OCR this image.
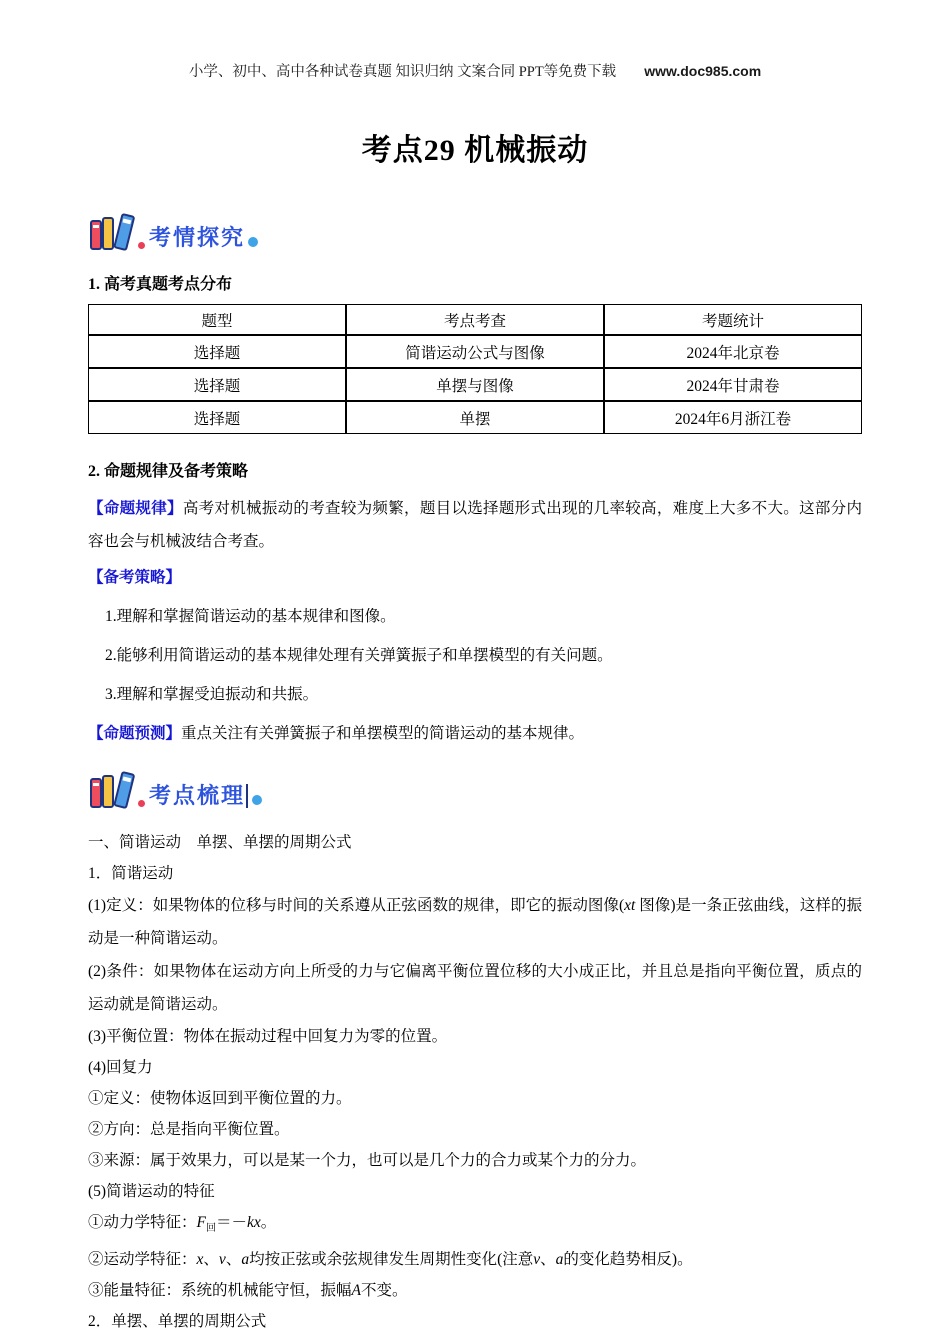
小学、初中、高中各种试卷真题 知识归纳 文案合同 PPT等免费下载 www.doc985.com
考点29 机械振动
考情探究
1. 高考真题考点分布
题型	考点考查	考题统计
选择题	简谐运动公式与图像	2024年北京卷
选择题	单摆与图像	2024年甘肃卷
选择题	单摆	2024年6月浙江卷
2. 命题规律及备考策略

【命题规律】高考对机械振动的考查较为频繁，题目以选择题形式出现的几率较高，难度上大多不大。这部分内容也会与机械波结合考查。

【备考策略】

1.理解和掌握简谐运动的基本规律和图像。

2.能够利用简谐运动的基本规律处理有关弹簧振子和单摆模型的有关问题。

3.理解和掌握受迫振动和共振。

【命题预测】重点关注有关弹簧振子和单摆模型的简谐运动的基本规律。

考点梳理

一、简谐运动　单摆、单摆的周期公式

1．简谐运动

(1)定义：如果物体的位移与时间的关系遵从正弦函数的规律，即它的振动图像(xt 图像)是一条正弦曲线，这样的振动是一种简谐运动。

(2)条件：如果物体在运动方向上所受的力与它偏离平衡位置位移的大小成正比，并且总是指向平衡位置，质点的运动就是简谐运动。

(3)平衡位置：物体在振动过程中回复力为零的位置。

(4)回复力

①定义：使物体返回到平衡位置的力。

②方向：总是指向平衡位置。

③来源：属于效果力，可以是某一个力，也可以是几个力的合力或某个力的分力。

(5)简谐运动的特征

①动力学特征：$F_回=-kx$。

②运动学特征：x、v、a均按正弦或余弦规律发生周期性变化(注意v、a的变化趋势相反)。

③能量特征：系统的机械能守恒，振幅A不变。

2．单摆、单摆的周期公式
